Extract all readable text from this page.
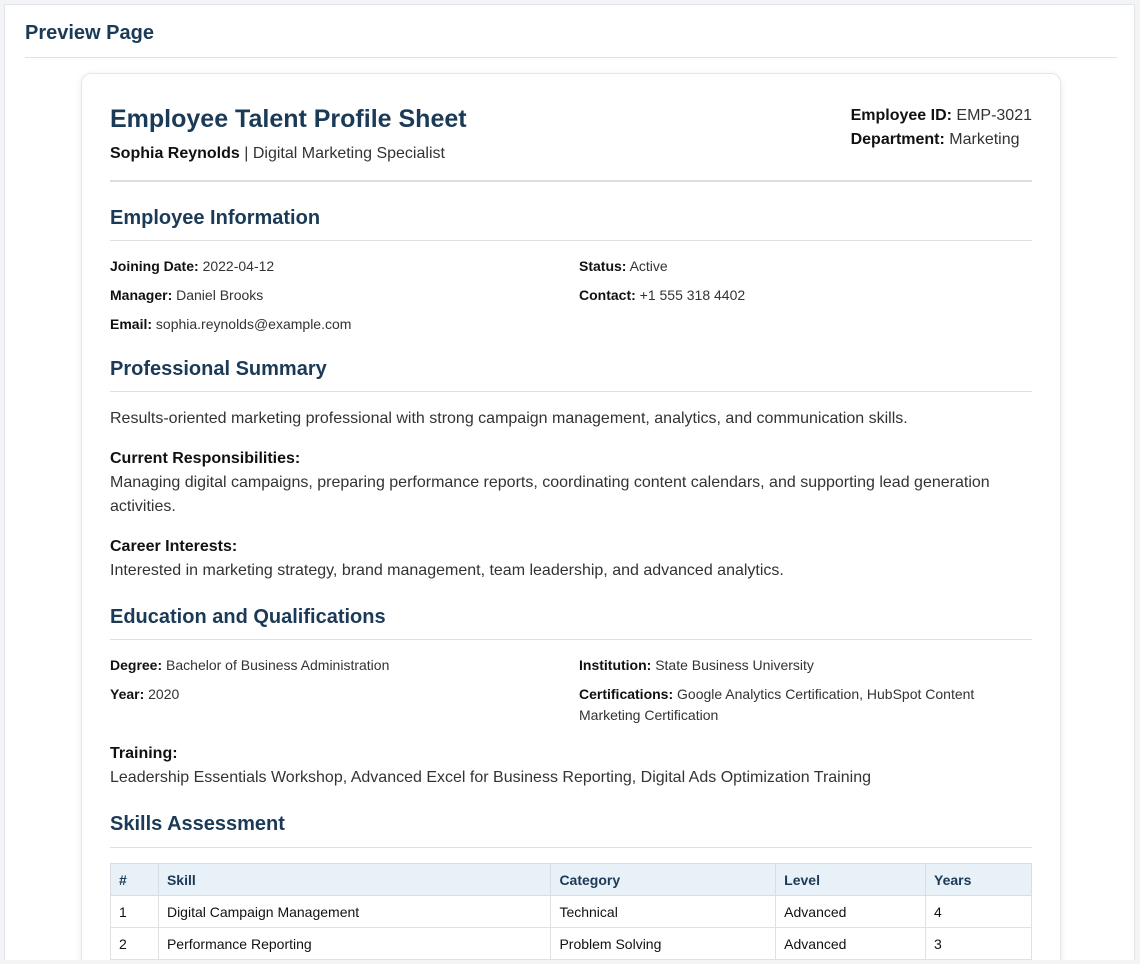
Preview Page
Employee Talent Profile Sheet
Sophia Reynolds | Digital Marketing Specialist
Employee ID: EMP-3021
Department: Marketing
Employee Information
Joining Date: 2022-04-12	Status: Active
Manager: Daniel Brooks	Contact: +1 555 318 4402
Email: sophia.reynolds@example.com
Professional Summary
Results-oriented marketing professional with strong campaign management, analytics, and communication skills.
Current Responsibilities:
Managing digital campaigns, preparing performance reports, coordinating content calendars, and supporting lead generation activities.
Career Interests:
Interested in marketing strategy, brand management, team leadership, and advanced analytics.
Education and Qualifications
Degree: Bachelor of Business Administration	Institution: State Business University
Year: 2020	Certifications: Google Analytics Certification, HubSpot Content Marketing Certification
Training:
Leadership Essentials Workshop, Advanced Excel for Business Reporting, Digital Ads Optimization Training
Skills Assessment
#	Skill	Category	Level	Years
1	Digital Campaign Management	Technical	Advanced	4
2	Performance Reporting	Problem Solving	Advanced	3
